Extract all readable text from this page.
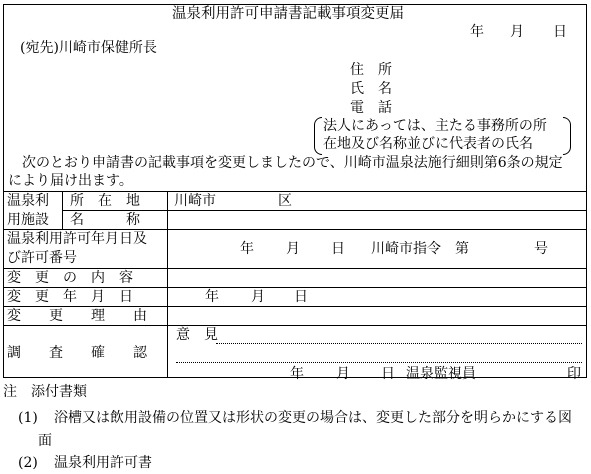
温泉利用許可申請書記載事項変更届
年 月 日
(宛先)川崎市保健所長
住　所
氏　名
電　話
法人にあっては、主たる事務所の所
在地及び名称並びに代表者の氏名
次のとおり申請書の記載事項を変更しましたので、川崎市温泉法施行細則第6条の規定
により届け出ます。
温泉利
用施設
所　在　地 川崎市	区
名　　　称
温泉利用許可年月日及
び許可番号
年 月 日 川崎市指令　第	号
変　更　の　内　容
変　更　年　月　日	年 月 日
変　　更　　理　　由
調　　査　　確　　認
意　見
年 月 日 温泉監視員	印
注　添付書類
(1) 浴槽又は飲用設備の位置又は形状の変更の場合は、変更した部分を明らかにする図
面
(2) 温泉利用許可書
